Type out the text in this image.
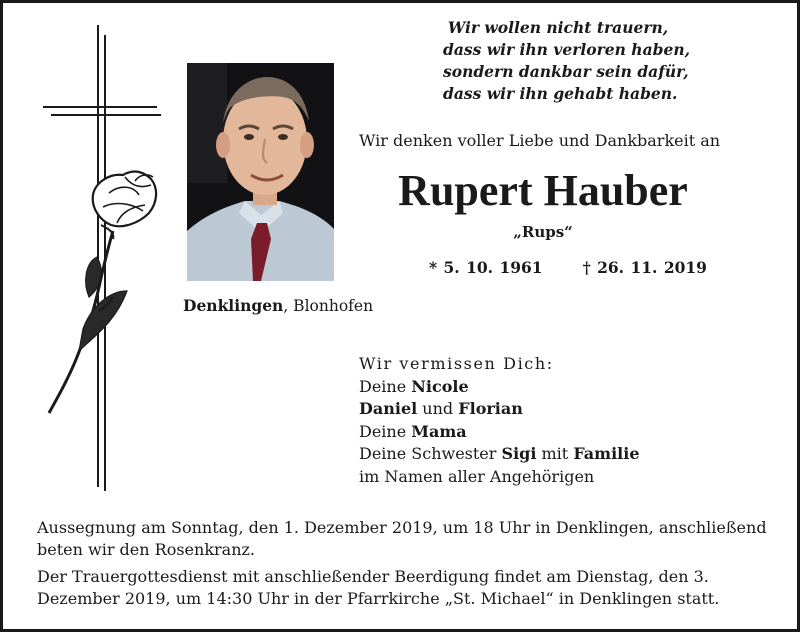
Wir wollen nicht trauern,
dass wir ihn verloren haben,
sondern dankbar sein dafür,
dass wir ihn gehabt haben.
Wir denken voller Liebe und Dankbarkeit an
Rupert Hauber
„Rups“
* 5. 10. 1961	† 26. 11. 2019
Denklingen, Blonhofen
Wir vermissen Dich:
Deine Nicole
Daniel und Florian
Deine Mama
Deine Schwester Sigi mit Familie
im Namen aller Angehörigen
Aussegnung am Sonntag, den 1. Dezember 2019, um 18 Uhr in Denklingen, anschließend beten wir den Rosenkranz.
Der Trauergottesdienst mit anschließender Beerdigung findet am Dienstag, den 3. Dezember 2019, um 14:30 Uhr in der Pfarrkirche „St. Michael“ in Denklingen statt.
